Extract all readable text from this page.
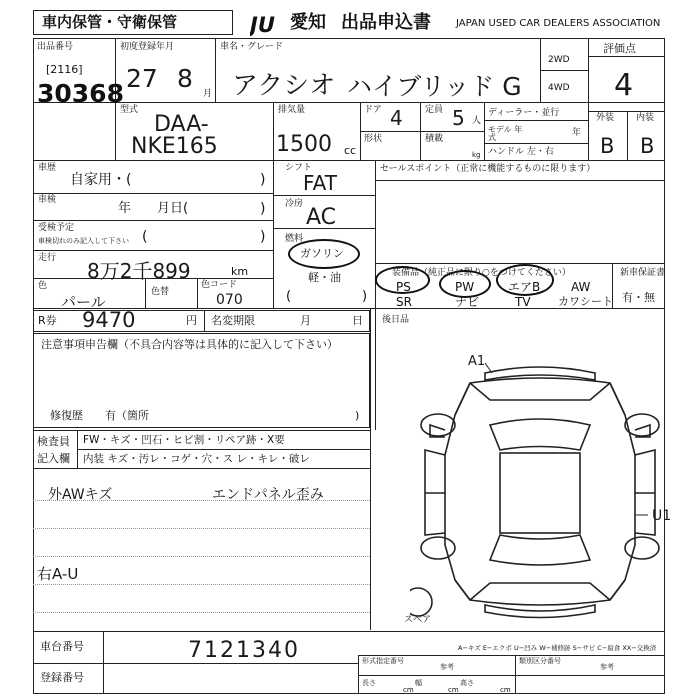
車内保管・守衛保管	JU 愛知 出品申込書	JAPAN USED CAR DEALERS ASSOCIATION
出品番号
[2116]
30368
初度登録年月
27 8
月
車名・グレード
アクシオ ハイブリッド G
2WD
4WD
評価点
4
型式
DAA-
NKE165
排気量
1500 cc
ドア 4 定員 5 人
形状	積載
kg
ディーラー・並行
モデル 年式	年
ハンドル 左・右
外装 内装
B B
車歴
自家用・(	)
車検
年　　月日(	)
受検予定
車検切れのみ記入して下さい (	)
走行
8万2千899	km
色
パール
色替
色コード
070
シフト
FAT
冷房
AC
燃料
ガソリン
軽・油
(	)
R券 9470	円 名変期限	月	日
セールスポイント（正常に機能するものに限ります）
装備品（純正品に限り○をつけてください）
PS	PW	エアB	AW
SR	ナビ	TV カワシート
新車保証書
有・無
後日品
注意事項申告欄（不具合内容等は具体的に記入して下さい）
修復歴　　有（箇所	)
検査員
記入欄
FW・キズ・凹石・ヒビ割・リペア跡・X要
内装 キズ・汚レ・コゲ・穴・ス レ・キレ・破レ
外AWキズ	エンドパネル歪み
右A-U
A1
U1
スペア
A−キズ E−エクボ U−凹み W−補修跡 S−サビ C−腐食 XX−交換済
車台番号	7121340
登録番号
形式指定番号
参考
類別区分番号
参考
長さ
cm
幅
cm
高さ
cm
